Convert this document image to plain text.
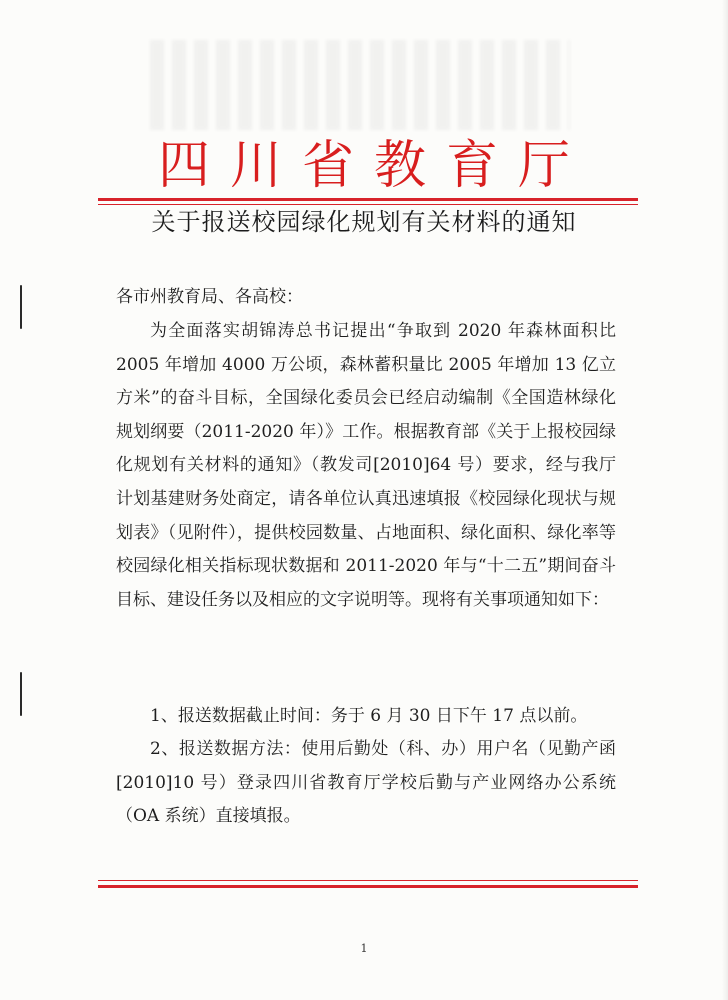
四川省教育厅
关于报送校园绿化规划有关材料的通知
各市州教育局、各高校：
为全面落实胡锦涛总书记提出“争取到 2020 年森林面积比 2005 年增加 4000 万公顷，森林蓄积量比 2005 年增加 13 亿立方米”的奋斗目标，全国绿化委员会已经启动编制《全国造林绿化规划纲要（2011-2020 年）》工作。根据教育部《关于上报校园绿化规划有关材料的通知》（教发司[2010]64 号）要求，经与我厅计划基建财务处商定，请各单位认真迅速填报《校园绿化现状与规划表》（见附件），提供校园数量、占地面积、绿化面积、绿化率等校园绿化相关指标现状数据和 2011-2020 年与“十二五”期间奋斗目标、建设任务以及相应的文字说明等。现将有关事项通知如下：
1、报送数据截止时间：务于 6 月 30 日下午 17 点以前。
2、报送数据方法：使用后勤处（科、办）用户名（见勤产函[2010]10 号）登录四川省教育厅学校后勤与产业网络办公系统（OA 系统）直接填报。
1
